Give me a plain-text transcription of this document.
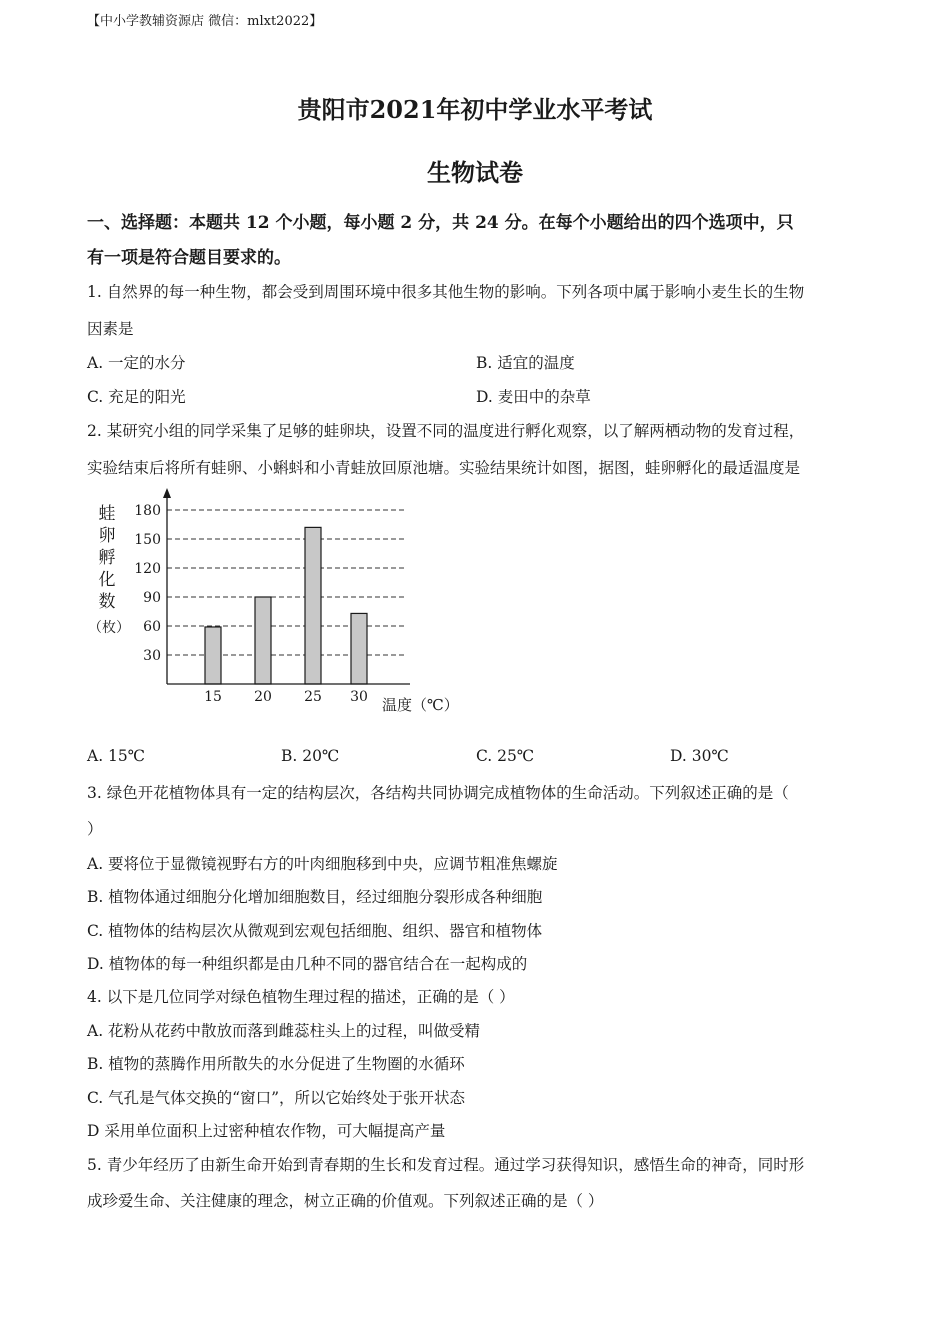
【中小学教辅资源店 微信：mlxt2022】
贵阳市2021年初中学业水平考试
生物试卷
一、选择题：本题共 12 个小题，每小题 2 分，共 24 分。在每个小题给出的四个选项中，只
有一项是符合题目要求的。
1. 自然界的每一种生物，都会受到周围环境中很多其他生物的影响。下列各项中属于影响小麦生长的生物
因素是
A. 一定的水分	B. 适宜的温度
C. 充足的阳光	D. 麦田中的杂草
2. 某研究小组的同学采集了足够的蛙卵块，设置不同的温度进行孵化观察，以了解两栖动物的发育过程，
实验结束后将所有蛙卵、小蝌蚪和小青蛙放回原池塘。实验结果统计如图，据图，蛙卵孵化的最适温度是
蛙
卵
孵
化
数
（枚）
30
60
90
120
150
180
15 20 25 30 温度（℃）
A. 15℃	B. 20℃	C. 25℃	D. 30℃
3. 绿色开花植物体具有一定的结构层次，各结构共同协调完成植物体的生命活动。下列叙述正确的是（
）
A. 要将位于显微镜视野右方的叶肉细胞移到中央，应调节粗准焦螺旋
B. 植物体通过细胞分化增加细胞数目，经过细胞分裂形成各种细胞
C. 植物体的结构层次从微观到宏观包括细胞、组织、器官和植物体
D. 植物体的每一种组织都是由几种不同的器官结合在一起构成的
4. 以下是几位同学对绿色植物生理过程的描述，正确的是（ ）
A. 花粉从花药中散放而落到雌蕊柱头上的过程，叫做受精
B. 植物的蒸腾作用所散失的水分促进了生物圈的水循环
C. 气孔是气体交换的“窗口”，所以它始终处于张开状态
D 采用单位面积上过密种植农作物，可大幅提高产量
5. 青少年经历了由新生命开始到青春期的生长和发育过程。通过学习获得知识，感悟生命的神奇，同时形
成珍爱生命、关注健康的理念，树立正确的价值观。下列叙述正确的是（ ）
